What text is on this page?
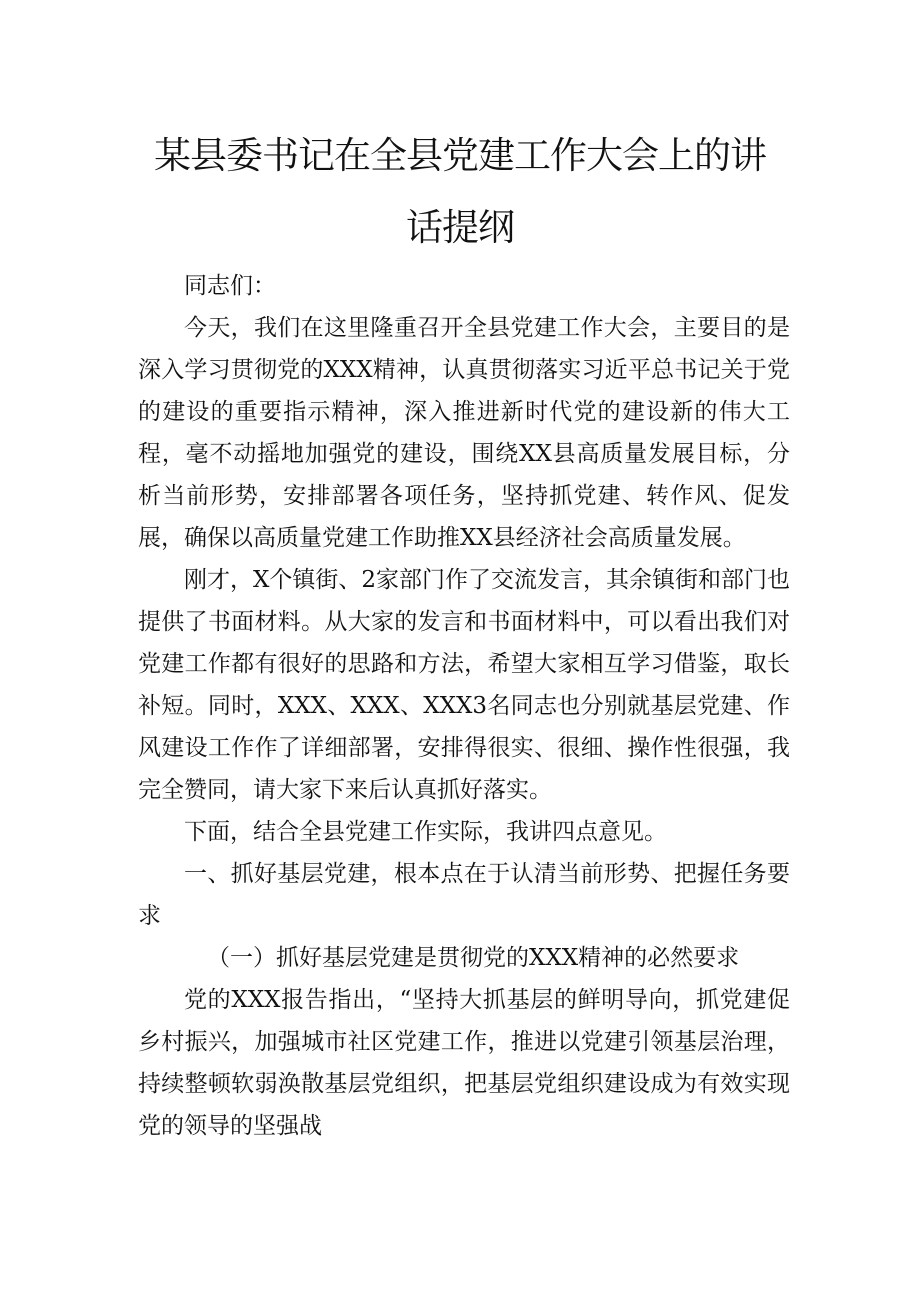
某县委书记在全县党建工作大会上的讲
话提纲

同志们：

今天，我们在这里隆重召开全县党建工作大会，主要目的是深入学习贯彻党的XXX精神，认真贯彻落实习近平总书记关于党的建设的重要指示精神，深入推进新时代党的建设新的伟大工程，毫不动摇地加强党的建设，围绕XX县高质量发展目标，分析当前形势，安排部署各项任务，坚持抓党建、转作风、促发展，确保以高质量党建工作助推XX县经济社会高质量发展。

刚才，X个镇街、2家部门作了交流发言，其余镇街和部门也提供了书面材料。从大家的发言和书面材料中，可以看出我们对党建工作都有很好的思路和方法，希望大家相互学习借鉴，取长补短。同时，XXX、XXX、XXX3名同志也分别就基层党建、作风建设工作作了详细部署，安排得很实、很细、操作性很强，我完全赞同，请大家下来后认真抓好落实。

下面，结合全县党建工作实际，我讲四点意见。

一、抓好基层党建，根本点在于认清当前形势、把握任务要求

（一）抓好基层党建是贯彻党的XXX精神的必然要求

党的XXX报告指出，“坚持大抓基层的鲜明导向，抓党建促乡村振兴，加强城市社区党建工作，推进以党建引领基层治理，持续整顿软弱涣散基层党组织，把基层党组织建设成为有效实现党的领导的坚强战
